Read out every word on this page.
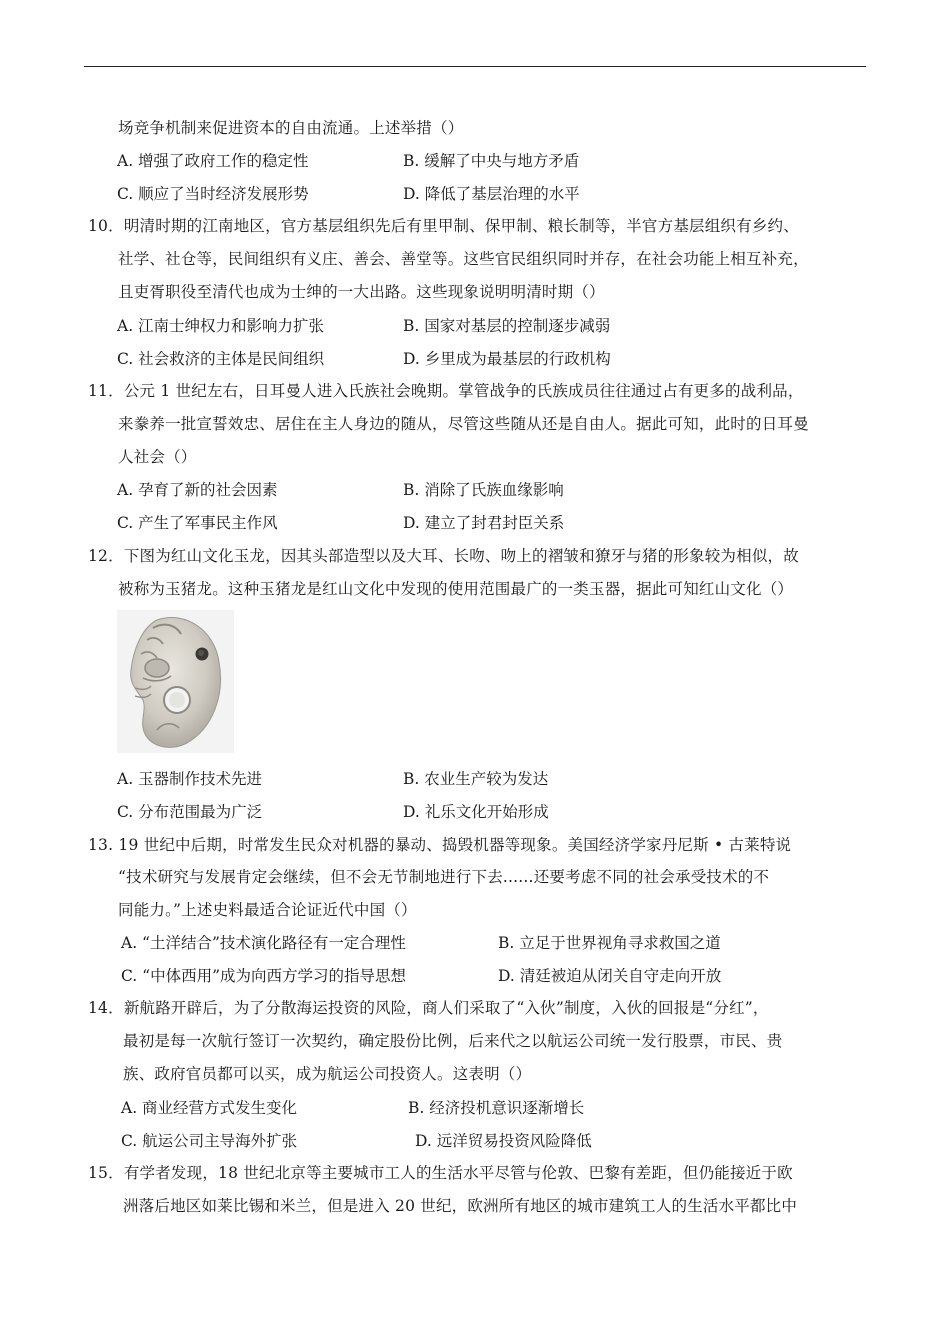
场竞争机制来促进资本的自由流通。上述举措（）
A. 增强了政府工作的稳定性	B. 缓解了中央与地方矛盾
C. 顺应了当时经济发展形势	D. 降低了基层治理的水平
10．明清时期的江南地区，官方基层组织先后有里甲制、保甲制、粮长制等，半官方基层组织有乡约、
社学、社仓等，民间组织有义庄、善会、善堂等。这些官民组织同时并存，在社会功能上相互补充，
且吏胥职役至清代也成为士绅的一大出路。这些现象说明明清时期（）
A. 江南士绅权力和影响力扩张	B. 国家对基层的控制逐步减弱
C. 社会救济的主体是民间组织	D. 乡里成为最基层的行政机构
11．公元 1 世纪左右，日耳曼人进入氏族社会晚期。掌管战争的氏族成员往往通过占有更多的战利品，
来豢养一批宣誓效忠、居住在主人身边的随从，尽管这些随从还是自由人。据此可知，此时的日耳曼
人社会（）
A. 孕育了新的社会因素	B. 消除了氏族血缘影响
C. 产生了军事民主作风	D. 建立了封君封臣关系
12．下图为红山文化玉龙，因其头部造型以及大耳、长吻、吻上的褶皱和獠牙与猪的形象较为相似，故
被称为玉猪龙。这种玉猪龙是红山文化中发现的使用范围最广的一类玉器，据此可知红山文化（）
A. 玉器制作技术先进	B. 农业生产较为发达
C. 分布范围最为广泛	D. 礼乐文化开始形成
13. 19 世纪中后期，时常发生民众对机器的暴动、捣毁机器等现象。美国经济学家丹尼斯 • 古莱特说
“技术研究与发展肯定会继续，但不会无节制地进行下去......还要考虑不同的社会承受技术的不
同能力。”上述史料最适合论证近代中国（）
A. “土洋结合”技术演化路径有一定合理性	B. 立足于世界视角寻求救国之道
C. “中体西用”成为向西方学习的指导思想	D. 清廷被迫从闭关自守走向开放
14．新航路开辟后，为了分散海运投资的风险，商人们采取了“入伙”制度，入伙的回报是“分红”，
最初是每一次航行签订一次契约，确定股份比例，后来代之以航运公司统一发行股票，市民、贵
族、政府官员都可以买，成为航运公司投资人。这表明（）
A. 商业经营方式发生变化	B. 经济投机意识逐渐增长
C. 航运公司主导海外扩张	D. 远洋贸易投资风险降低
15．有学者发现，18 世纪北京等主要城市工人的生活水平尽管与伦敦、巴黎有差距，但仍能接近于欧
洲落后地区如莱比锡和米兰，但是进入 20 世纪，欧洲所有地区的城市建筑工人的生活水平都比中
